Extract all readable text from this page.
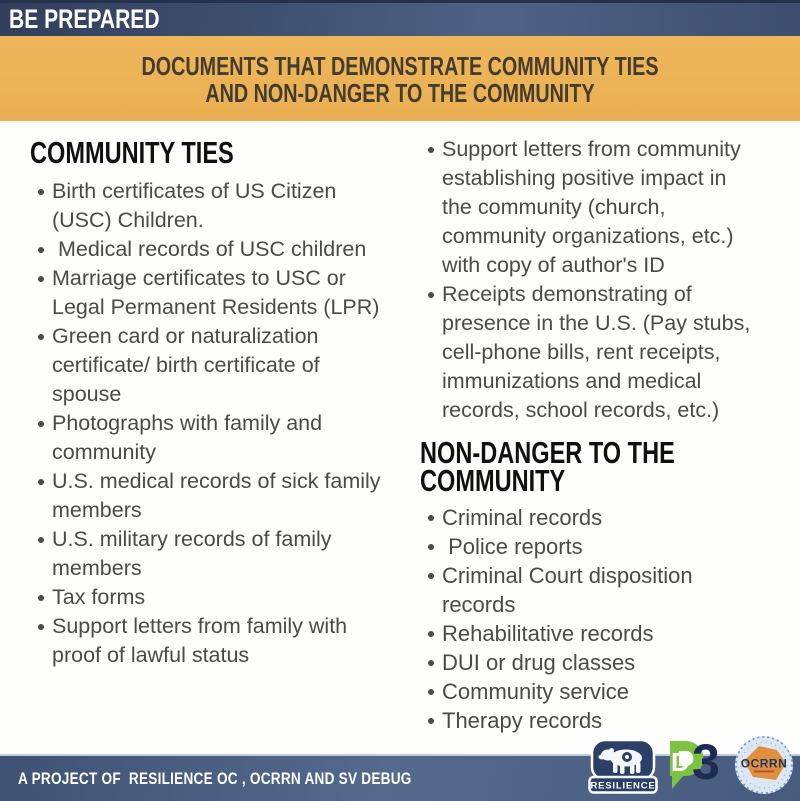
BE PREPARED
DOCUMENTS THAT DEMONSTRATE COMMUNITY TIES
AND NON-DANGER TO THE COMMUNITY
COMMUNITY TIES
Birth certificates of US Citizen (USC) Children.
Medical records of USC children
Marriage certificates to USC or Legal Permanent Residents (LPR)
Green card or naturalization certificate/ birth certificate of spouse
Photographs with family and community
U.S. medical records of sick family members
U.S. military records of family members
Tax forms
Support letters from family with proof of lawful status
Support letters from community establishing positive impact in the community (church, community organizations, etc.) with copy of author's ID
Receipts demonstrating of presence in the U.S. (Pay stubs, cell-phone bills, rent receipts, immunizations and medical records, school records, etc.)
NON-DANGER TO THE
COMMUNITY
Criminal records
Police reports
Criminal Court disposition records
Rehabilitative records
DUI or drug classes
Community service
Therapy records
A PROJECT OF  RESILIENCE OC , OCRRN AND SV DEBUG	RESILIENCE 3
D	OCRRN
